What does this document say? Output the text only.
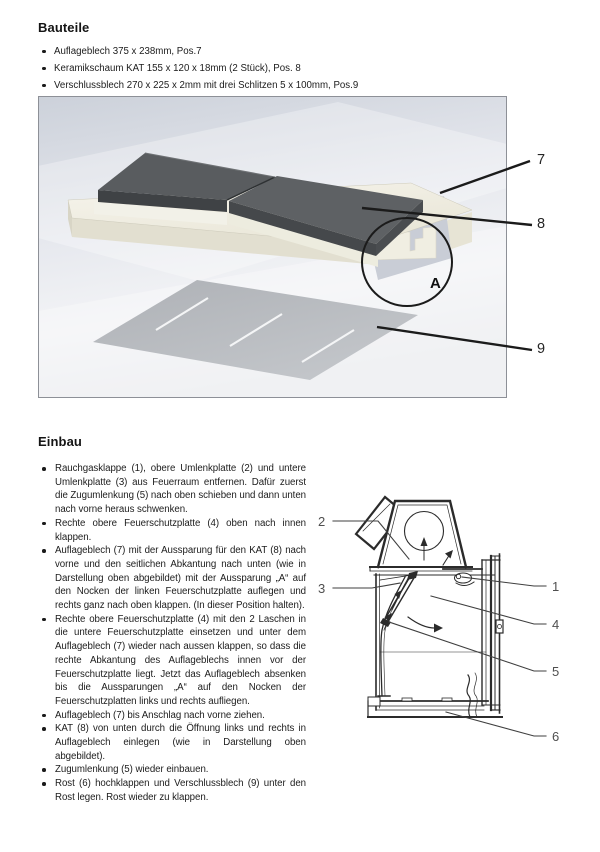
Bauteile
Auflageblech 375 x 238mm, Pos.7
Keramikschaum KAT 155 x 120 x 18mm (2 Stück), Pos. 8
Verschlussblech 270 x 225 x 2mm mit drei Schlitzen 5 x 100mm, Pos.9
7
8
9
A
Einbau
Rauchgasklappe (1), obere Umlenkplatte (2) und untere Umlenkplatte (3) aus Feuerraum entfernen. Dafür zuerst die Zugumlenkung (5) nach oben schieben und dann unten nach vorne heraus schwenken.
Rechte obere Feuerschutzplatte (4) oben nach innen klappen.
Auflageblech (7) mit der Aussparung für den KAT (8) nach vorne und den seitlichen Abkantung nach unten (wie in Darstellung oben abgebildet) mit der Aussparung „A“ auf den Nocken der linken Feuerschutzplatte auflegen und rechts ganz nach oben klappen. (In dieser Position halten).
Rechte obere Feuerschutzplatte (4) mit den 2 Laschen in die untere Feuerschutzplatte einsetzen und unter dem Auflageblech (7) wieder nach aussen klappen, so dass die rechte Abkantung des Auflageblechs innen vor der Feuerschutzplatte liegt. Jetzt das Auflageblech absenken bis die Aussparungen „A“ auf den Nocken der Feuerschutzplatten links und rechts aufliegen.
Auflageblech (7) bis Anschlag nach vorne ziehen.
KAT (8) von unten durch die Öffnung links und rechts in Auflageblech einlegen (wie in Darstellung oben abgebildet).
Zugumlenkung (5) wieder einbauen.
Rost (6) hochklappen und Verschlussblech (9) unter den Rost legen. Rost wieder zu klappen.
2
3	1
4
5
6
